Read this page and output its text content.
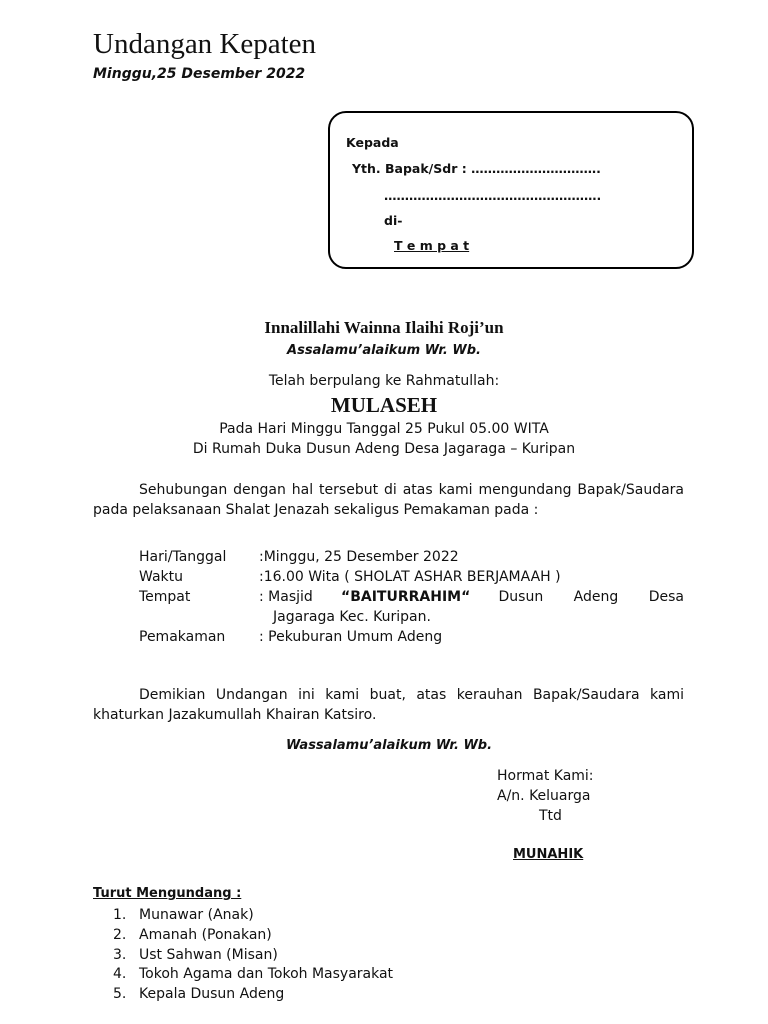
Undangan Kepaten
Minggu,25 Desember 2022
Kepada
Yth. Bapak/Sdr : ………………………….
…………………………………………….
di-
T e m p a t
Innalillahi Wainna Ilaihi Roji’un
Assalamu’alaikum Wr. Wb.
Telah berpulang ke Rahmatullah:
MULASEH
Pada Hari Minggu Tanggal 25 Pukul 05.00 WITA
Di Rumah Duka Dusun Adeng Desa Jagaraga – Kuripan
Sehubungan dengan hal tersebut di atas kami mengundang Bapak/Saudara pada pelaksanaan Shalat Jenazah sekaligus Pemakaman pada :
Hari/Tanggal :Minggu, 25 Desember 2022
Waktu	:16.00 Wita ( SHOLAT ASHAR BERJAMAAH )
Tempat	: Masjid “BAITURRAHIM“ Dusun Adeng Desa
Jagaraga Kec. Kuripan.
Pemakaman : Pekuburan Umum Adeng
Demikian Undangan ini kami buat, atas kerauhan Bapak/Saudara kami khaturkan Jazakumullah Khairan Katsiro.
Wassalamu’alaikum Wr. Wb.
Hormat Kami:
A/n. Keluarga
Ttd
MUNAHIK
Turut Mengundang :
1. Munawar (Anak)
2. Amanah (Ponakan)
3. Ust Sahwan (Misan)
4. Tokoh Agama dan Tokoh Masyarakat
5. Kepala Dusun Adeng
